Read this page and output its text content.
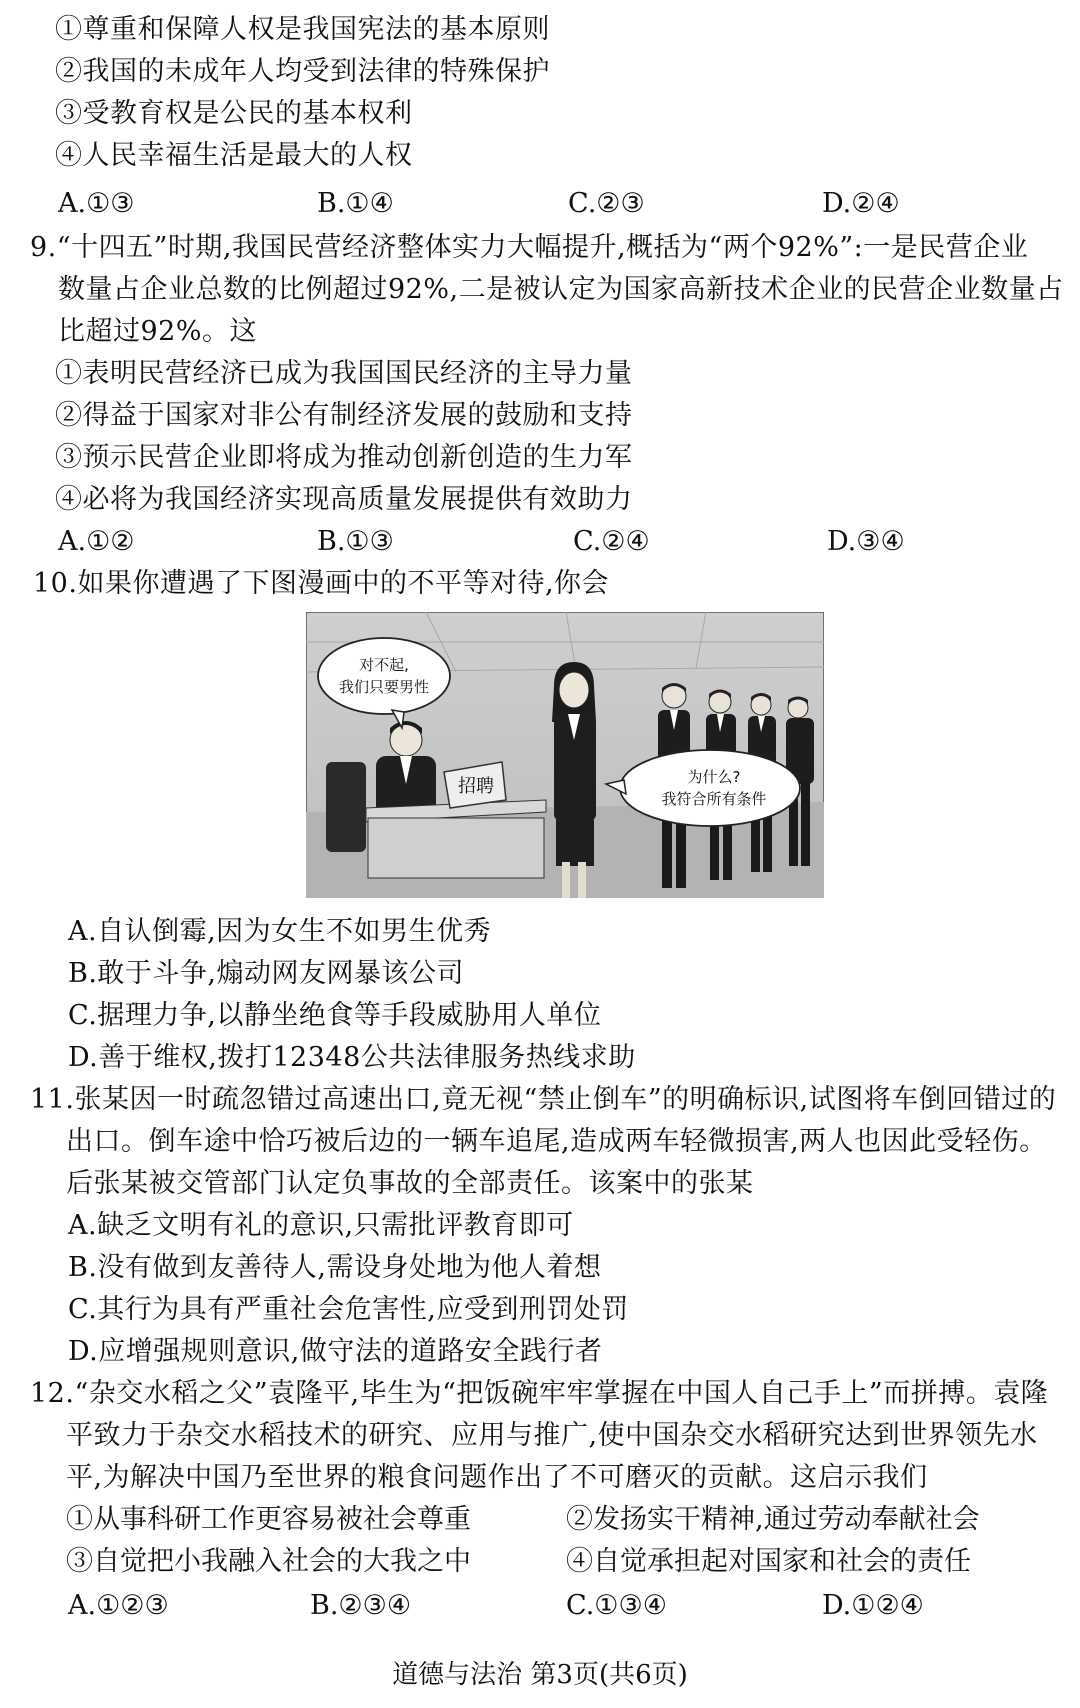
①尊重和保障人权是我国宪法的基本原则
②我国的未成年人均受到法律的特殊保护
③受教育权是公民的基本权利
④人民幸福生活是最大的人权
A.①③	B.①④	C.②③	D.②④
9.“十四五”时期,我国民营经济整体实力大幅提升,概括为“两个92%”:一是民营企业
数量占企业总数的比例超过92%,二是被认定为国家高新技术企业的民营企业数量占
比超过92%。这
①表明民营经济已成为我国国民经济的主导力量
②得益于国家对非公有制经济发展的鼓励和支持
③预示民营企业即将成为推动创新创造的生力军
④必将为我国经济实现高质量发展提供有效助力
A.①②	B.①③	C.②④	D.③④
10.如果你遭遇了下图漫画中的不平等对待,你会
招聘
对不起,
我们只要男性
为什么?
我符合所有条件
A.自认倒霉,因为女生不如男生优秀
B.敢于斗争,煽动网友网暴该公司
C.据理力争,以静坐绝食等手段威胁用人单位
D.善于维权,拨打12348公共法律服务热线求助
11.张某因一时疏忽错过高速出口,竟无视“禁止倒车”的明确标识,试图将车倒回错过的
出口。倒车途中恰巧被后边的一辆车追尾,造成两车轻微损害,两人也因此受轻伤。
后张某被交管部门认定负事故的全部责任。该案中的张某
A.缺乏文明有礼的意识,只需批评教育即可
B.没有做到友善待人,需设身处地为他人着想
C.其行为具有严重社会危害性,应受到刑罚处罚
D.应增强规则意识,做守法的道路安全践行者
12.“杂交水稻之父”袁隆平,毕生为“把饭碗牢牢掌握在中国人自己手上”而拼搏。袁隆
平致力于杂交水稻技术的研究、应用与推广,使中国杂交水稻研究达到世界领先水
平,为解决中国乃至世界的粮食问题作出了不可磨灭的贡献。这启示我们
①从事科研工作更容易被社会尊重	②发扬实干精神,通过劳动奉献社会
③自觉把小我融入社会的大我之中	④自觉承担起对国家和社会的责任
A.①②③	B.②③④	C.①③④	D.①②④
道德与法治 第3页(共6页)
